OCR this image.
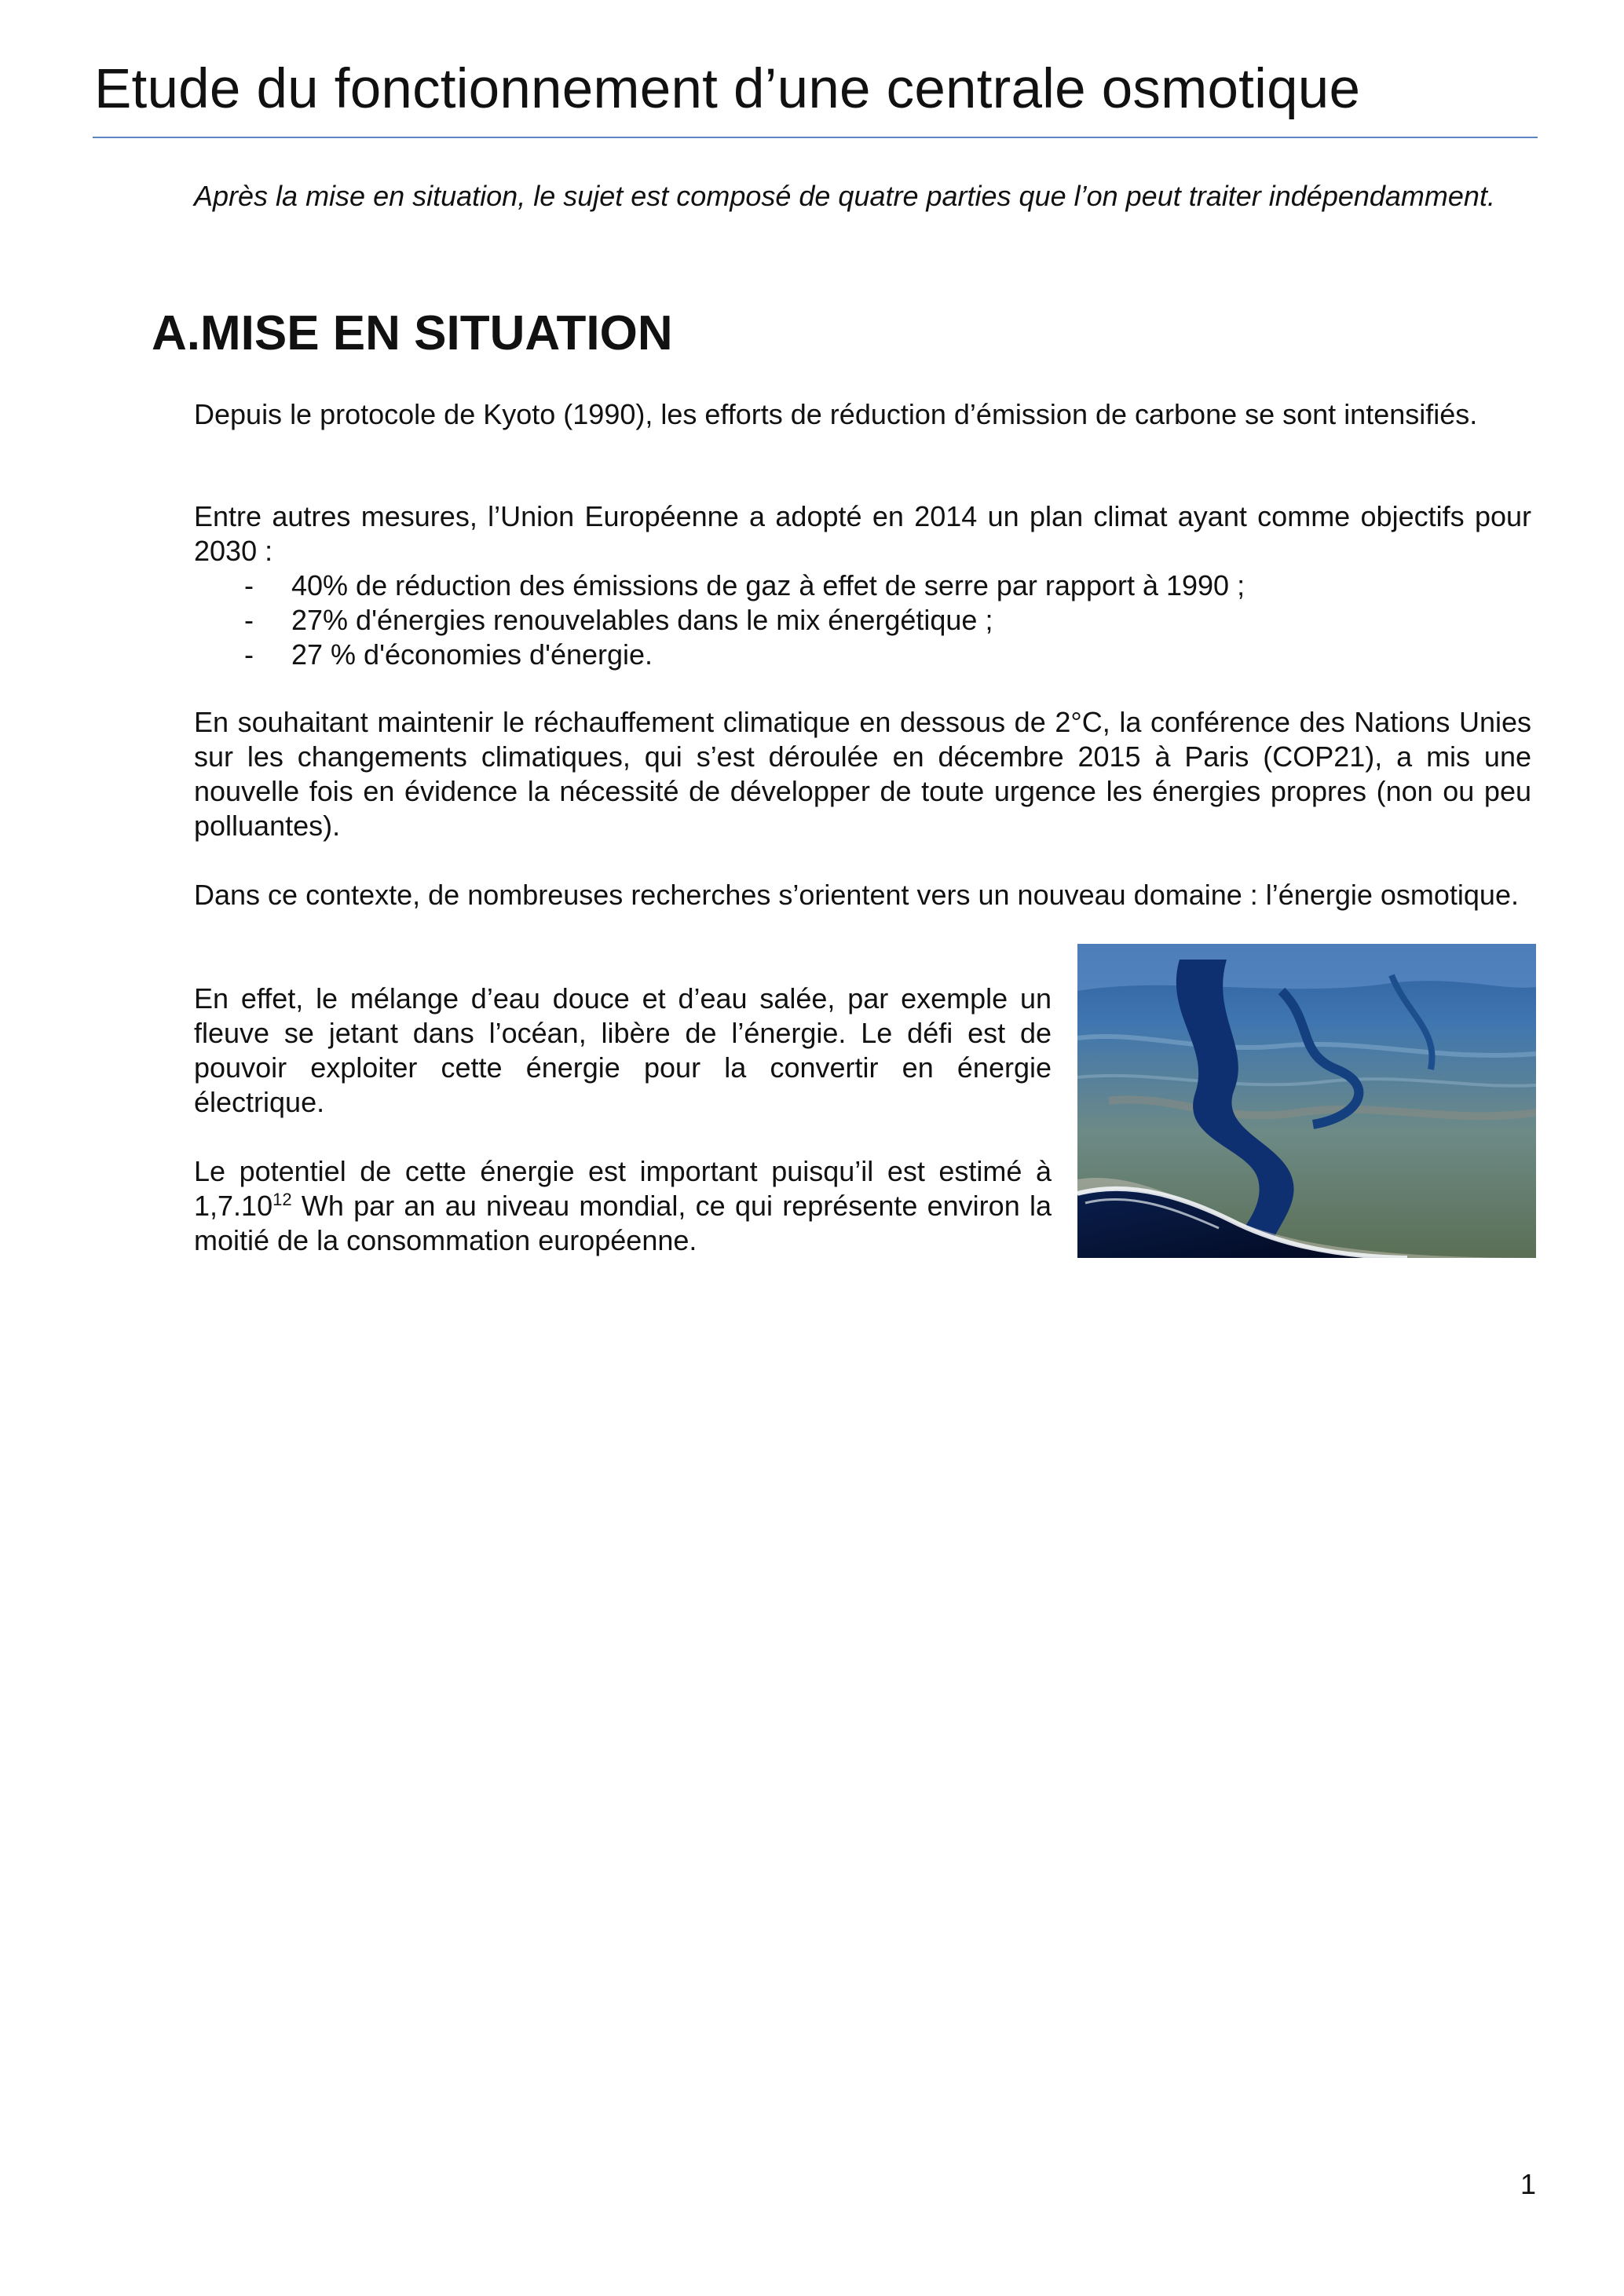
Etude du fonctionnement d’une centrale osmotique
Après la mise en situation, le sujet est composé de quatre parties que l’on peut traiter indépendamment.
A.MISE EN SITUATION

Depuis le protocole de Kyoto (1990), les efforts de réduction d’émission de carbone se sont intensifiés.

Entre autres mesures, l’Union Européenne a adopté en 2014 un plan climat ayant comme objectifs pour 2030 :

- 40% de réduction des émissions de gaz à effet de serre par rapport à 1990 ;
- 27% d'énergies renouvelables dans le mix énergétique ;
- 27 % d'économies d'énergie.

En souhaitant maintenir le réchauffement climatique en dessous de 2°C, la conférence des Nations Unies sur les changements climatiques, qui s’est déroulée en décembre 2015 à Paris (COP21), a mis une nouvelle fois en évidence la nécessité de développer de toute urgence les énergies propres (non ou peu polluantes).

Dans ce contexte, de nombreuses recherches s’orientent vers un nouveau domaine : l’énergie osmotique.

En effet, le mélange d’eau douce et d’eau salée, par exemple un fleuve se jetant dans l’océan, libère de l’énergie. Le défi est de pouvoir exploiter cette énergie pour la convertir en énergie électrique.

Le potentiel de cette énergie est important puisqu’il est estimé à 1,7.10$^{12}$ Wh par an au niveau mondial, ce qui représente environ la moitié de la consommation européenne.

1
